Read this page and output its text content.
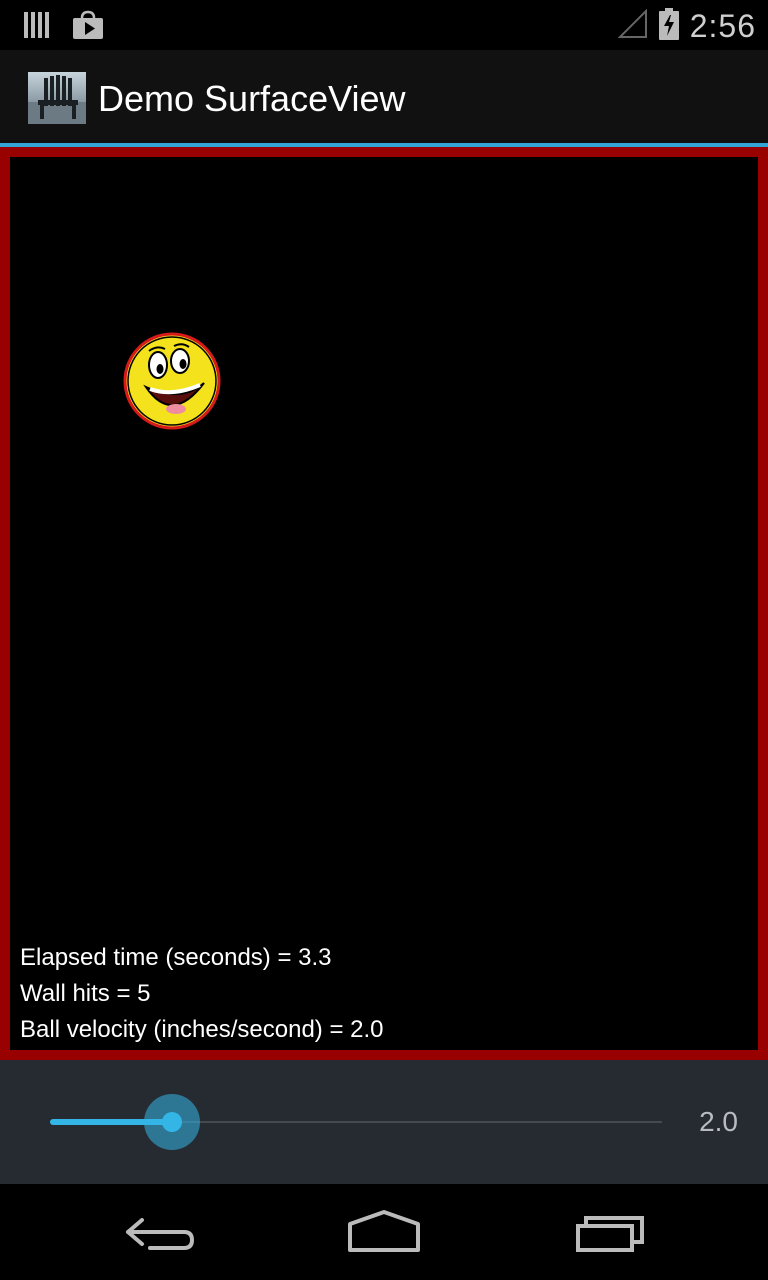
2:56
Demo SurfaceView
Elapsed time (seconds) = 3.3
Wall hits = 5
Ball velocity (inches/second) = 2.0
2.0
